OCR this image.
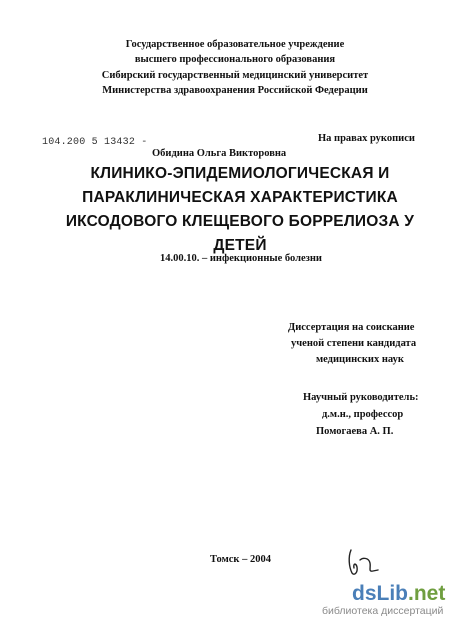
Государственное образовательное учреждение
высшего профессионального образования
Сибирский государственный медицинский университет
Министерства здравоохранения Российской Федерации
104.200 5 13432 -	На правах рукописи
Обидина Ольга Викторовна
КЛИНИКО-ЭПИДЕМИОЛОГИЧЕСКАЯ И
ПАРАКЛИНИЧЕСКАЯ ХАРАКТЕРИСТИКА
ИКСОДОВОГО КЛЕЩЕВОГО БОРРЕЛИОЗА У
ДЕТЕЙ
14.00.10. – инфекционные болезни
Диссертация на соискание
ученой степени кандидата
медицинских наук
Научный руководитель:
д.м.н., профессор
Помогаева А. П.
Томск – 2004
dsLib.net
библиотека диссертаций
